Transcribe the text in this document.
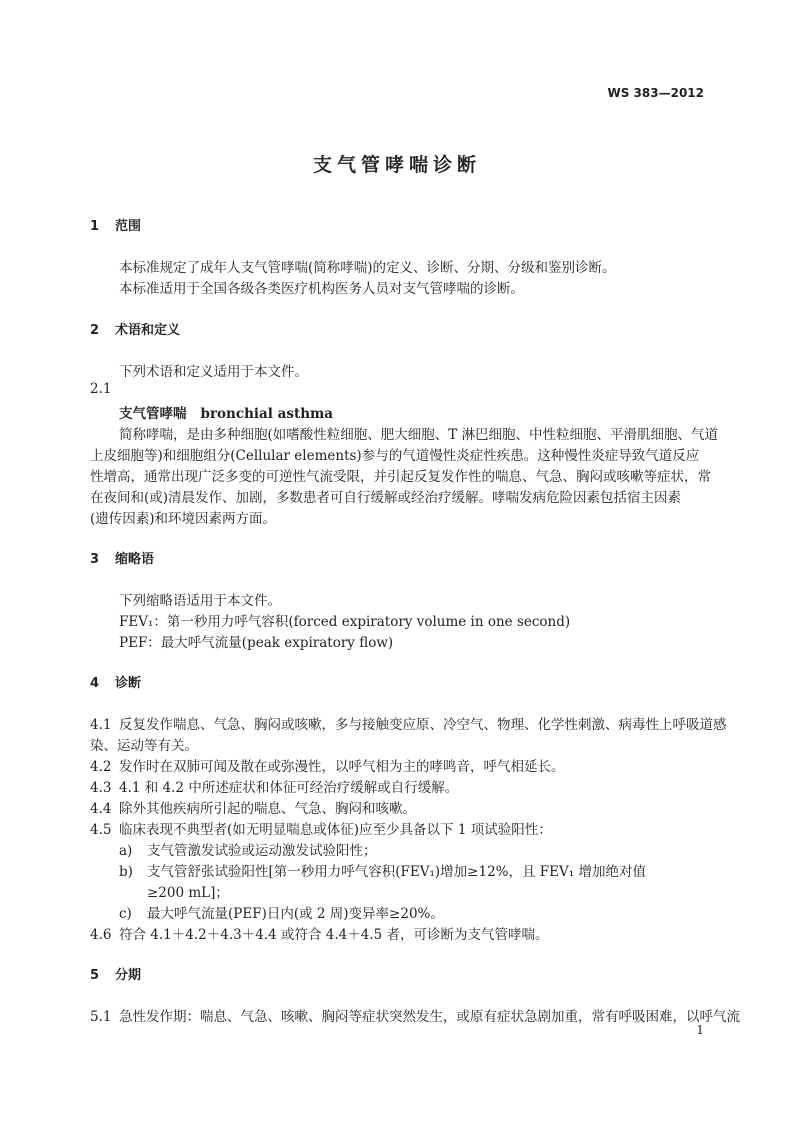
WS 383—2012
支气管哮喘诊断
1 范围
本标准规定了成年人支气管哮喘(简称哮喘)的定义、诊断、分期、分级和鉴别诊断。
本标准适用于全国各级各类医疗机构医务人员对支气管哮喘的诊断。
2 术语和定义
下列术语和定义适用于本文件。
2.1
支气管哮喘 bronchial asthma
简称哮喘，是由多种细胞(如嗜酸性粒细胞、肥大细胞、T 淋巴细胞、中性粒细胞、平滑肌细胞、气道
上皮细胞等)和细胞组分(Cellular elements)参与的气道慢性炎症性疾患。这种慢性炎症导致气道反应
性增高，通常出现广泛多变的可逆性气流受限，并引起反复发作性的喘息、气急、胸闷或咳嗽等症状，常
在夜间和(或)清晨发作、加剧，多数患者可自行缓解或经治疗缓解。哮喘发病危险因素包括宿主因素
(遗传因素)和环境因素两方面。
3 缩略语
下列缩略语适用于本文件。
FEV₁：第一秒用力呼气容积(forced expiratory volume in one second)
PEF：最大呼气流量(peak expiratory flow)
4 诊断
4.1 反复发作喘息、气急、胸闷或咳嗽，多与接触变应原、冷空气、物理、化学性刺激、病毒性上呼吸道感
染、运动等有关。
4.2 发作时在双肺可闻及散在或弥漫性，以呼气相为主的哮鸣音，呼气相延长。
4.3 4.1 和 4.2 中所述症状和体征可经治疗缓解或自行缓解。
4.4 除外其他疾病所引起的喘息、气急、胸闷和咳嗽。
4.5 临床表现不典型者(如无明显喘息或体征)应至少具备以下 1 项试验阳性：
a) 支气管激发试验或运动激发试验阳性；
b) 支气管舒张试验阳性[第一秒用力呼气容积(FEV₁)增加≥12%，且 FEV₁ 增加绝对值
≥200 mL]；
c) 最大呼气流量(PEF)日内(或 2 周)变异率≥20%。
4.6 符合 4.1＋4.2＋4.3＋4.4 或符合 4.4＋4.5 者，可诊断为支气管哮喘。
5 分期
5.1 急性发作期：喘息、气急、咳嗽、胸闷等症状突然发生，或原有症状急剧加重，常有呼吸困难，以呼气流
1
